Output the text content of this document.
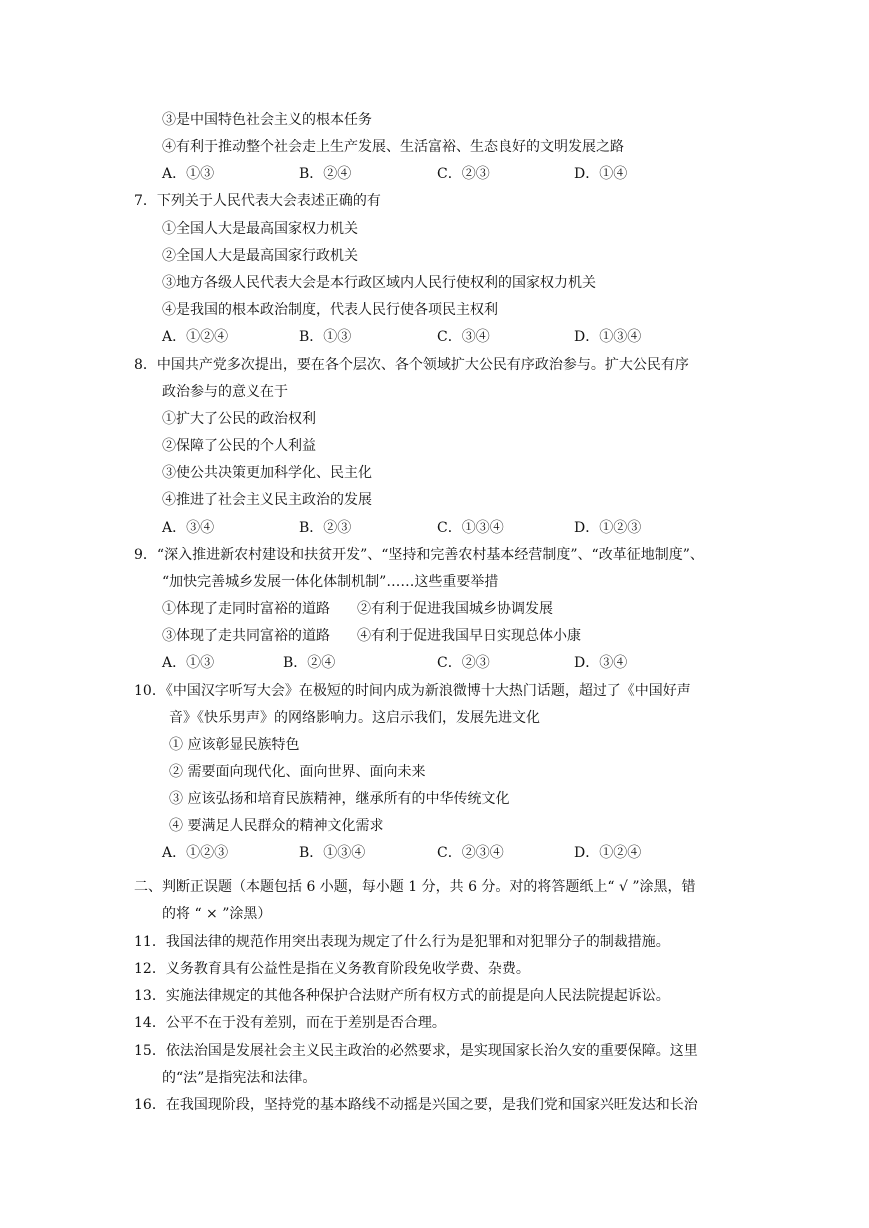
③是中国特色社会主义的根本任务
④有利于推动整个社会走上生产发展、生活富裕、生态良好的文明发展之路
A．①③	B．②④	C．②③	D．①④
7．下列关于人民代表大会表述正确的有
①全国人大是最高国家权力机关
②全国人大是最高国家行政机关
③地方各级人民代表大会是本行政区域内人民行使权利的国家权力机关
④是我国的根本政治制度，代表人民行使各项民主权利
A．①②④	B．①③	C．③④	D．①③④
8．中国共产党多次提出，要在各个层次、各个领域扩大公民有序政治参与。扩大公民有序
政治参与的意义在于
①扩大了公民的政治权利
②保障了公民的个人利益
③使公共决策更加科学化、民主化
④推进了社会主义民主政治的发展
A．③④	B．②③	C．①③④	D．①②③
9．“深入推进新农村建设和扶贫开发”、“坚持和完善农村基本经营制度”、“改革征地制度”、
“加快完善城乡发展一体化体制机制”……这些重要举措
①体现了走同时富裕的道路 ②有利于促进我国城乡协调发展
③体现了走共同富裕的道路 ④有利于促进我国早日实现总体小康
A．①③	B．②④	C．②③	D．③④
10．《中国汉字听写大会》在极短的时间内成为新浪微博十大热门话题，超过了《中国好声
音》《快乐男声》的网络影响力。这启示我们，发展先进文化
① 应该彰显民族特色
② 需要面向现代化、面向世界、面向未来
③ 应该弘扬和培育民族精神，继承所有的中华传统文化
④ 要满足人民群众的精神文化需求
A．①②③	B．①③④	C．②③④	D．①②④
二、判断正误题（本题包括 6 小题，每小题 1 分，共 6 分。对的将答题纸上“ √ ”涂黑，错
的将 “ × ”涂黑）
11．我国法律的规范作用突出表现为规定了什么行为是犯罪和对犯罪分子的制裁措施。
12．义务教育具有公益性是指在义务教育阶段免收学费、杂费。
13．实施法律规定的其他各种保护合法财产所有权方式的前提是向人民法院提起诉讼。
14．公平不在于没有差别，而在于差别是否合理。
15．依法治国是发展社会主义民主政治的必然要求，是实现国家长治久安的重要保障。这里
的“法”是指宪法和法律。
16．在我国现阶段，坚持党的基本路线不动摇是兴国之要，是我们党和国家兴旺发达和长治
